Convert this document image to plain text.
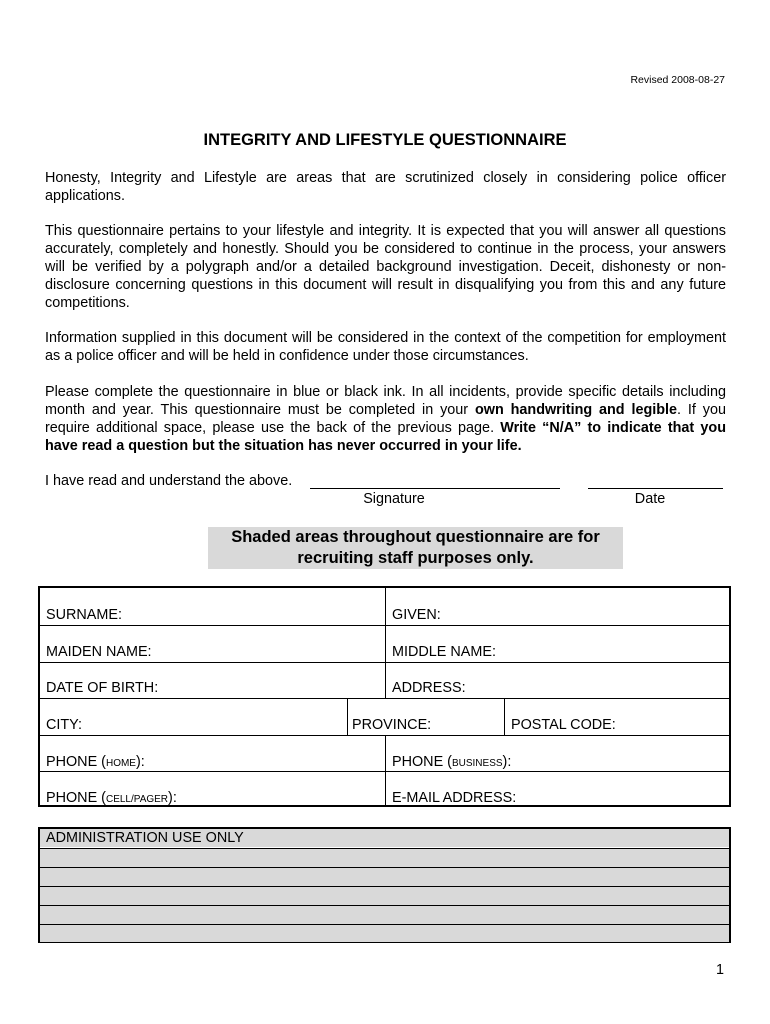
Revised 2008-08-27
INTEGRITY AND LIFESTYLE QUESTIONNAIRE

Honesty, Integrity and Lifestyle are areas that are scrutinized closely in considering police officer applications.

This questionnaire pertains to your lifestyle and integrity. It is expected that you will answer all questions accurately, completely and honestly. Should you be considered to continue in the process, your answers will be verified by a polygraph and/or a detailed background investigation. Deceit, dishonesty or non-disclosure concerning questions in this document will result in disqualifying you from this and any future competitions.

Information supplied in this document will be considered in the context of the competition for employment as a police officer and will be held in confidence under those circumstances.

Please complete the questionnaire in blue or black ink. In all incidents, provide specific details including month and year. This questionnaire must be completed in your own handwriting and legible. If you require additional space, please use the back of the previous page. Write “N/A” to indicate that you have read a question but the situation has never occurred in your life.

I have read and understand the above.
Signature	Date
Shaded areas throughout questionnaire are for
recruiting staff purposes only.
SURNAME:	GIVEN:
MAIDEN NAME:	MIDDLE NAME:
DATE OF BIRTH:	ADDRESS:
CITY:	PROVINCE:	POSTAL CODE:
PHONE (HOME):	PHONE (BUSINESS):
PHONE (CELL/PAGER):	E-MAIL ADDRESS:
ADMINISTRATION USE ONLY
1
